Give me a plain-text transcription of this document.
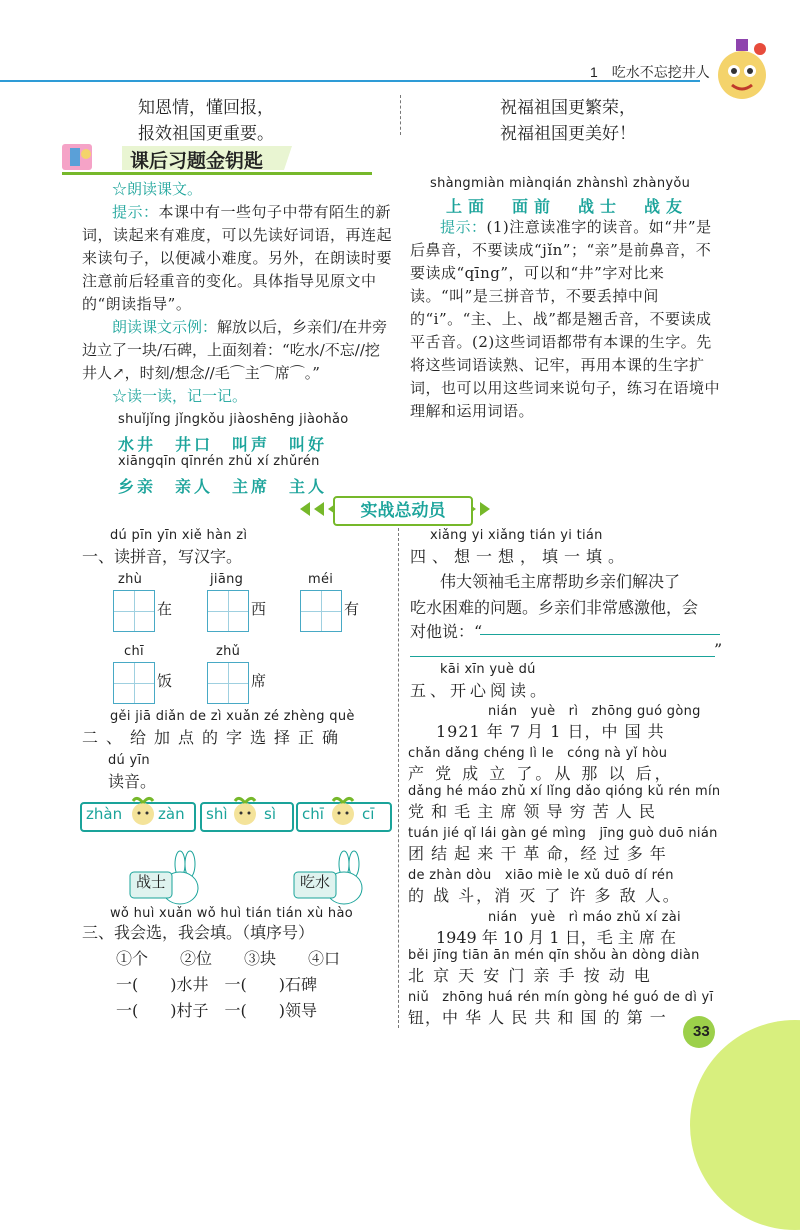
1　吃水不忘挖井人
知恩情，懂回报，
报效祖国更重要。
祝福祖国更繁荣，
祝福祖国更美好！
课后习题金钥匙
☆朗读课文。
提示：本课中有一些句子中带有陌生的新词，读起来有难度，可以先读好词语，再连起来读句子，以便减小难度。另外，在朗读时要注意前后轻重音的变化。具体指导见原文中的“朗读指导”。
朗读课文示例：解放以后，乡亲们/在井旁边立了一块/石碑，上面刻着：“吃水/不忘//挖井人↗，时刻/想念//毛⌒主⌒席⌒。”
☆读一读，记一记。
shuǐjǐng jǐngkǒu jiàoshēng jiàohǎo
水井　井口　叫声　叫好
xiāngqīn qīnrén zhǔ xí zhǔrén
乡亲　亲人　主席　主人
shàngmiàn miànqián zhànshì zhànyǒu
上面　面前　战士　战友
提示：(1)注意读准字的读音。如“井”是后鼻音，不要读成“jǐn”；“亲”是前鼻音，不要读成“qīng”，可以和“井”字对比来读。“叫”是三拼音节，不要丢掉中间的“i”。“主、上、战”都是翘舌音，不要读成平舌音。(2)这些词语都带有本课的生字。先将这些词语读熟、记牢，再用本课的生字扩词，也可以用这些词来说句子，练习在语境中理解和运用词语。
实战总动员
dú pīn yīn xiě hàn zì
一、读拼音，写汉字。
zhù
在
jiāng
西
méi
有
chī
饭
zhǔ
席
gěi jiā diǎn de zì xuǎn zé zhèng què
二、给加点的字选择正确
dú yīn
读音。
zhàn zàn shì sì chī	cī
战士	吃水
wǒ huì xuǎn wǒ huì tián tián xù hào
三、我会选，我会填。（填序号）
①个　　②位　　③块　　④口
一(　　)水井　一(　　)石碑
一(　　)村子　一(　　)领导
xiǎng yi xiǎng tián yi tián
四、想一想，填一填。
伟大领袖毛主席帮助乡亲们解决了
吃水困难的问题。乡亲们非常感激他，会
对他说：“
”
kāi xīn yuè dú
五、开心阅读。
nián　yuè　rì　zhōng guó gòng
1921 年 7 月 1 日，中 国 共
chǎn dǎng chéng lì le　cóng nà yǐ hòu
产 党 成 立 了。从 那 以 后，
dǎng hé máo zhǔ xí lǐng dǎo qióng kǔ rén mín
党 和 毛 主 席 领 导 穷 苦 人 民
tuán jié qǐ lái gàn gé mìng　jīng guò duō nián
团 结 起 来 干 革 命，经 过 多 年
de zhàn dòu　xiāo miè le xǔ duō dí rén
的 战 斗，消 灭 了 许 多 敌 人。
nián　yuè　rì máo zhǔ xí zài
1949 年 10 月 1 日，毛 主 席 在
běi jīng tiān ān mén qīn shǒu àn dòng diàn
北 京 天 安 门 亲 手 按 动 电
niǔ　zhōng huá rén mín gòng hé guó de dì yī
钮，中 华 人 民 共 和 国 的 第 一
33
